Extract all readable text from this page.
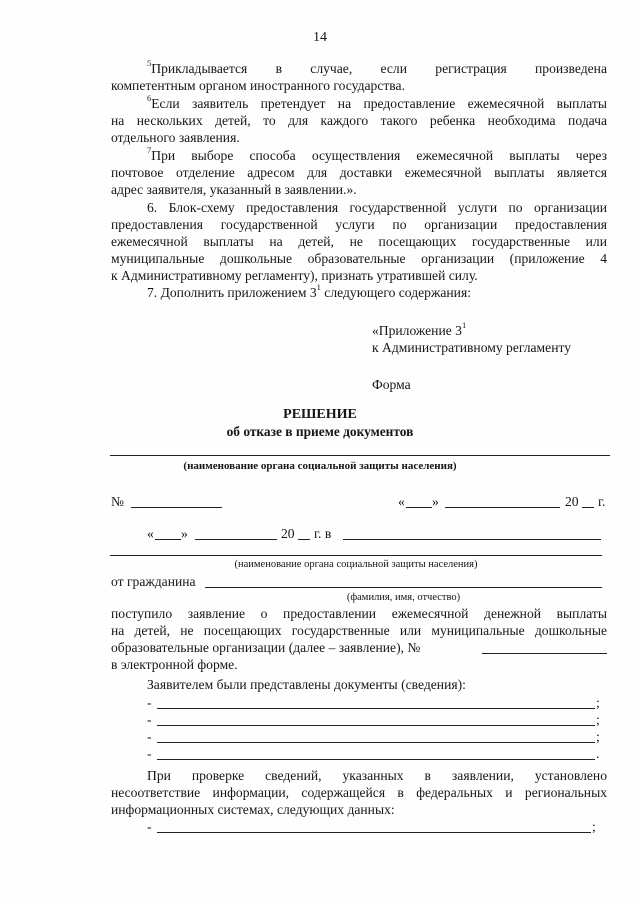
14
$^5$Прикладывается в случае, если регистрация произведена
компетентным органом иностранного государства.
$^6$Если заявитель претендует на предоставление ежемесячной выплаты
на нескольких детей, то для каждого такого ребенка необходима подача
отдельного заявления.
$^7$При выборе способа осуществления ежемесячной выплаты через
почтовое отделение адресом для доставки ежемесячной выплаты является
адрес заявителя, указанный в заявлении.».
6. Блок-схему предоставления государственной услуги по организации
предоставления государственной услуги по организации предоставления
ежемесячной выплаты на детей, не посещающих государственные или
муниципальные дошкольные образовательные организации (приложение 4
к Административному регламенту), признать утратившей силу.
7. Дополнить приложением $3^1$ следующего содержания:
«Приложение $3^1$
к Административному регламенту
Форма
РЕШЕНИЕ
об отказе в приеме документов
(наименование органа социальной защиты населения)
№	« »	20 г.
« »	20 г. в
(наименование органа социальной защиты населения)
от гражданина
(фамилия, имя, отчество)
поступило заявление о предоставлении ежемесячной денежной выплаты
на детей, не посещающих государственные или муниципальные дошкольные
образовательные организации (далее – заявление), №
в электронной форме.
Заявителем были представлены документы (сведения):
-	;
-	;
-	;
-	.
При проверке сведений, указанных в заявлении, установлено
несоответствие информации, содержащейся в федеральных и региональных
информационных системах, следующих данных:
-	;
